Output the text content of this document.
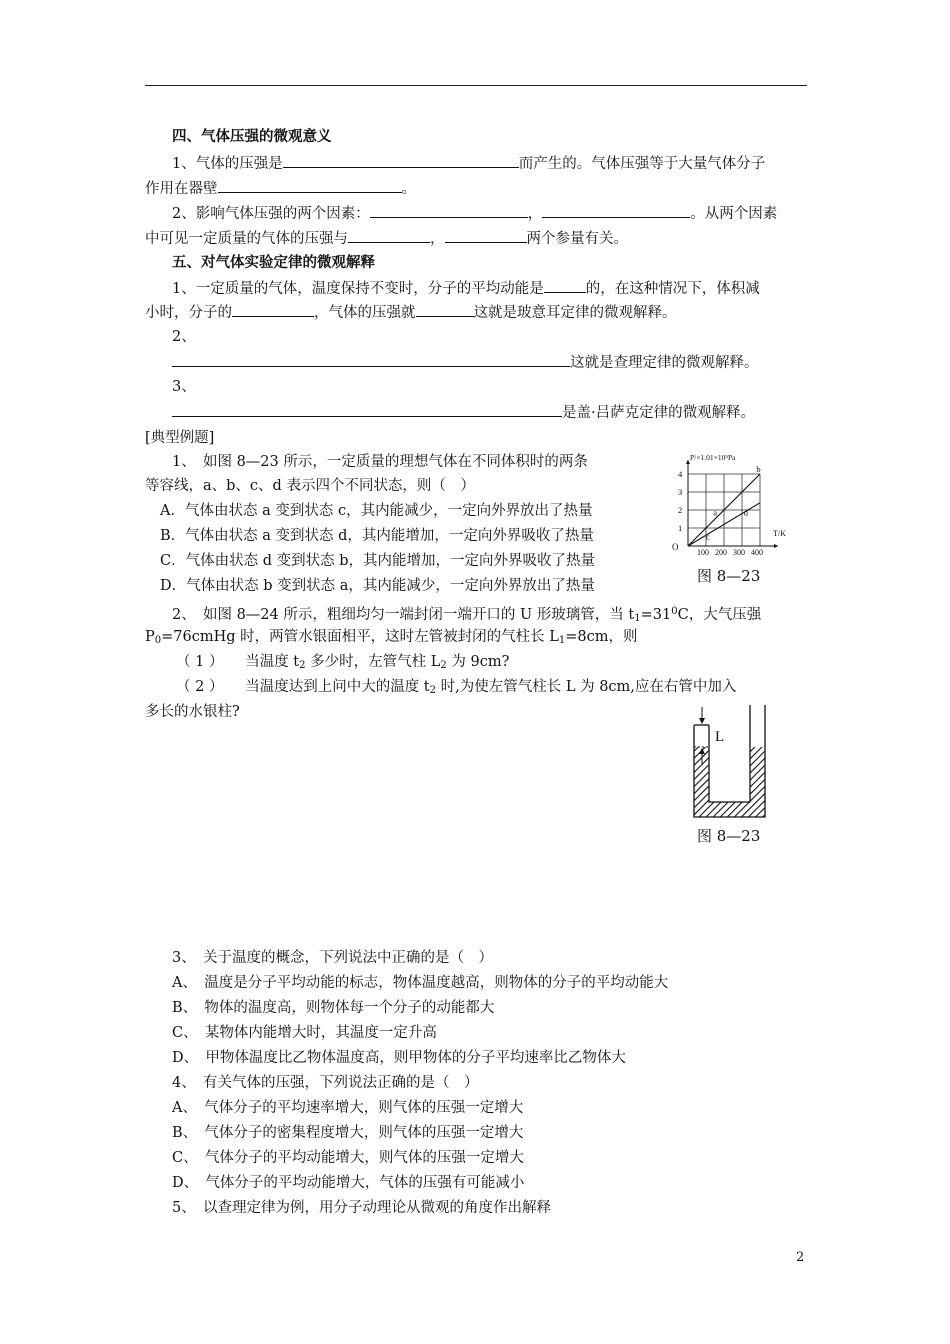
四、气体压强的微观意义
1、气体的压强是	而产生的。气体压强等于大量气体分子
作用在器壁	。
2、影响气体压强的两个因素：	，	。从两个因素
中可见一定质量的气体的压强与	，	两个参量有关。
五、对气体实验定律的微观解释
1、一定质量的气体，温度保持不变时，分子的平均动能是	的，在这种情况下，体积减
小时，分子的	，气体的压强就	这就是玻意耳定律的微观解释。
2、
这就是查理定律的微观解释。
3、
是盖·吕萨克定律的微观解释。
[典型例题]
1、　如图 8—23 所示，一定质量的理想气体在不同体积时的两条
等容线，a、b、c、d 表示四个不同状态，则（　）
A．气体由状态 a 变到状态 c，其内能减少，一定向外界放出了热量
B．气体由状态 a 变到状态 d，其内能增加，一定向外界吸收了热量
C．气体由状态 d 变到状态 b，其内能增加，一定向外界吸收了热量
D．气体由状态 b 变到状态 a，其内能减少，一定向外界放出了热量
P/×1.01×10⁵Pa
T/K
O
1
2
3
4
100 200 300 400
a
b
c
d
图 8—23
2、　如图 8—24 所示，粗细均匀一端封闭一端开口的 U 形玻璃管，当 $t_1=31^0C$，大气压强
$P_0=76cmHg$ 时，两管水银面相平，这时左管被封闭的气柱长 $L_1=8cm$，则
（ 1 ）　　当温度 $t_2$ 多少时，左管气柱 $L_2$ 为 9cm?
（ 2 ）　　当温度达到上问中大的温度 $t_2$ 时,为使左管气柱长 L 为 8cm,应在右管中加入
多长的水银柱?
L
图 8—23
3、　关于温度的概念，下列说法中正确的是（　）
A、　温度是分子平均动能的标志，物体温度越高，则物体的分子的平均动能大
B、　物体的温度高，则物体每一个分子的动能都大
C、　某物体内能增大时，其温度一定升高
D、　甲物体温度比乙物体温度高，则甲物体的分子平均速率比乙物体大
4、　有关气体的压强，下列说法正确的是（　）
A、　气体分子的平均速率增大，则气体的压强一定增大
B、　气体分子的密集程度增大，则气体的压强一定增大
C、　气体分子的平均动能增大，则气体的压强一定增大
D、　气体分子的平均动能增大，气体的压强有可能减小
5、　以查理定律为例，用分子动理论从微观的角度作出解释
2
